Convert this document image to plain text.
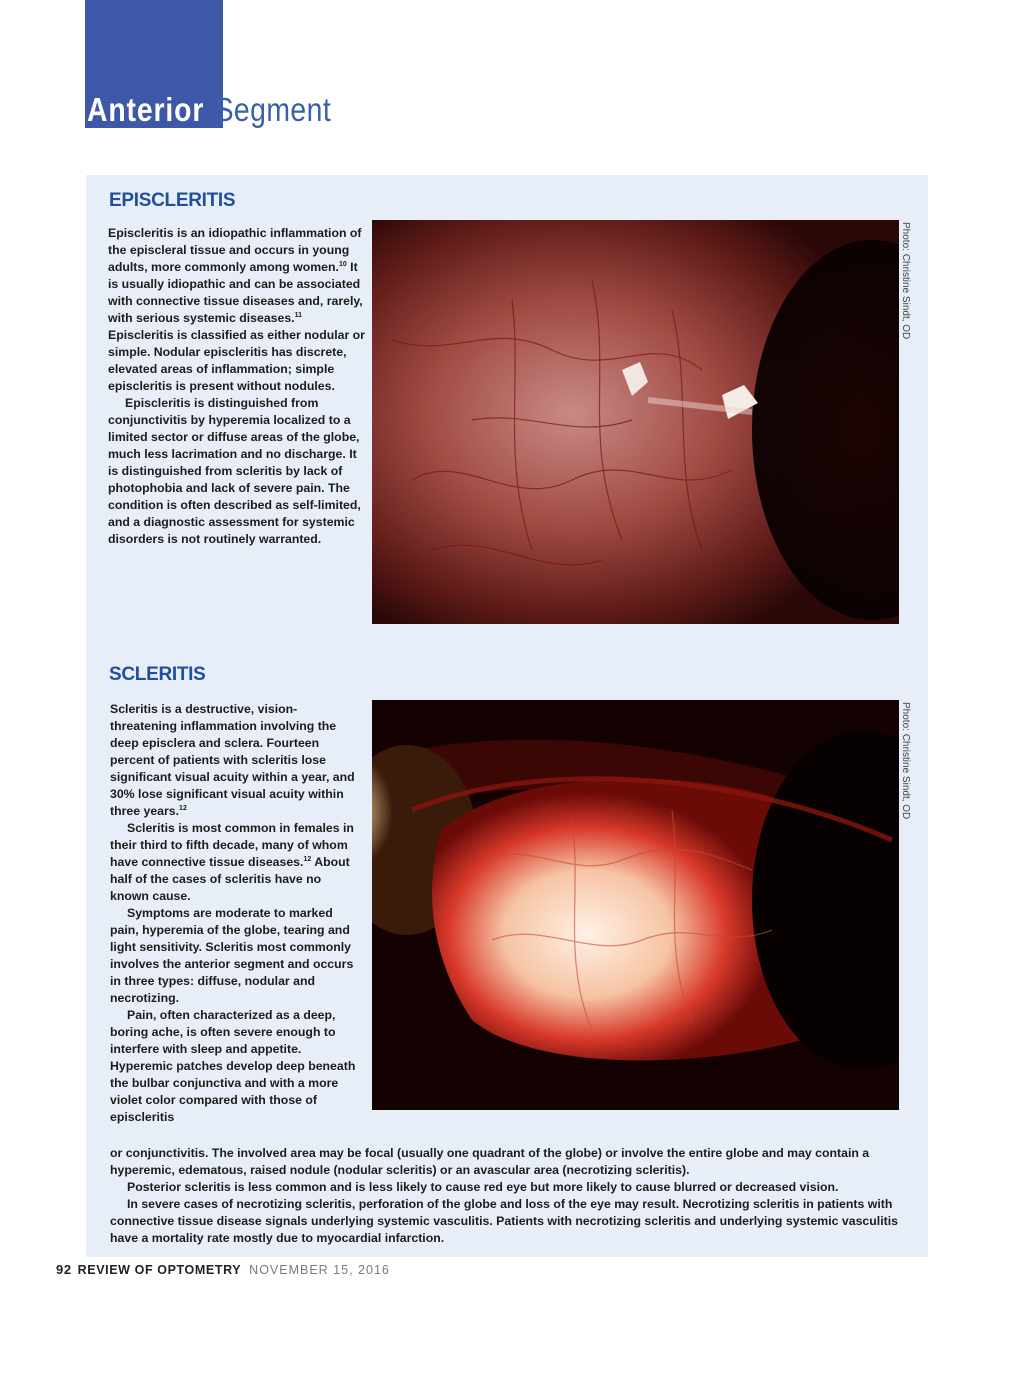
Anterior Segment
EPISCLERITIS

Episcleritis is an idiopathic inflammation of the episcleral tissue and occurs in young adults, more commonly among women.$^{10}$ It is usually idiopathic and can be associated with connective tissue diseases and, rarely, with serious systemic diseases.$^{11}$ Episcleritis is classified as either nodular or simple. Nodular episcleritis has discrete, elevated areas of inflammation; simple episcleritis is present without nodules.

Episcleritis is distinguished from conjunctivitis by hyperemia localized to a limited sector or diffuse areas of the globe, much less lacrimation and no discharge. It is distinguished from scleritis by lack of photophobia and lack of severe pain. The condition is often described as self-limited, and a diagnostic assessment for systemic disorders is not routinely warranted.

Photo: Christine Sindt, OD
SCLERITIS

Scleritis is a destructive, vision-threatening inflammation involving the deep episclera and sclera. Fourteen percent of patients with scleritis lose significant visual acuity within a year, and 30% lose significant visual acuity within three years.$^{12}$

Scleritis is most common in females in their third to fifth decade, many of whom have connective tissue diseases.$^{12}$ About half of the cases of scleritis have no known cause.

Symptoms are moderate to marked pain, hyperemia of the globe, tearing and light sensitivity. Scleritis most commonly involves the anterior segment and occurs in three types: diffuse, nodular and necrotizing.

Pain, often characterized as a deep, boring ache, is often severe enough to interfere with sleep and appetite. Hyperemic patches develop deep beneath the bulbar conjunctiva and with a more violet color compared with those of episcleritis

or conjunctivitis. The involved area may be focal (usually one quadrant of the globe) or involve the entire globe and may contain a hyperemic, edematous, raised nodule (nodular scleritis) or an avascular area (necrotizing scleritis).

Posterior scleritis is less common and is less likely to cause red eye but more likely to cause blurred or decreased vision.

In severe cases of necrotizing scleritis, perforation of the globe and loss of the eye may result. Necrotizing scleritis in patients with connective tissue disease signals underlying systemic vasculitis. Patients with necrotizing scleritis and underlying systemic vasculitis have a mortality rate mostly due to myocardial infarction.

Photo: Christine Sindt, OD
92 REVIEW OF OPTOMETRY NOVEMBER 15, 2016
